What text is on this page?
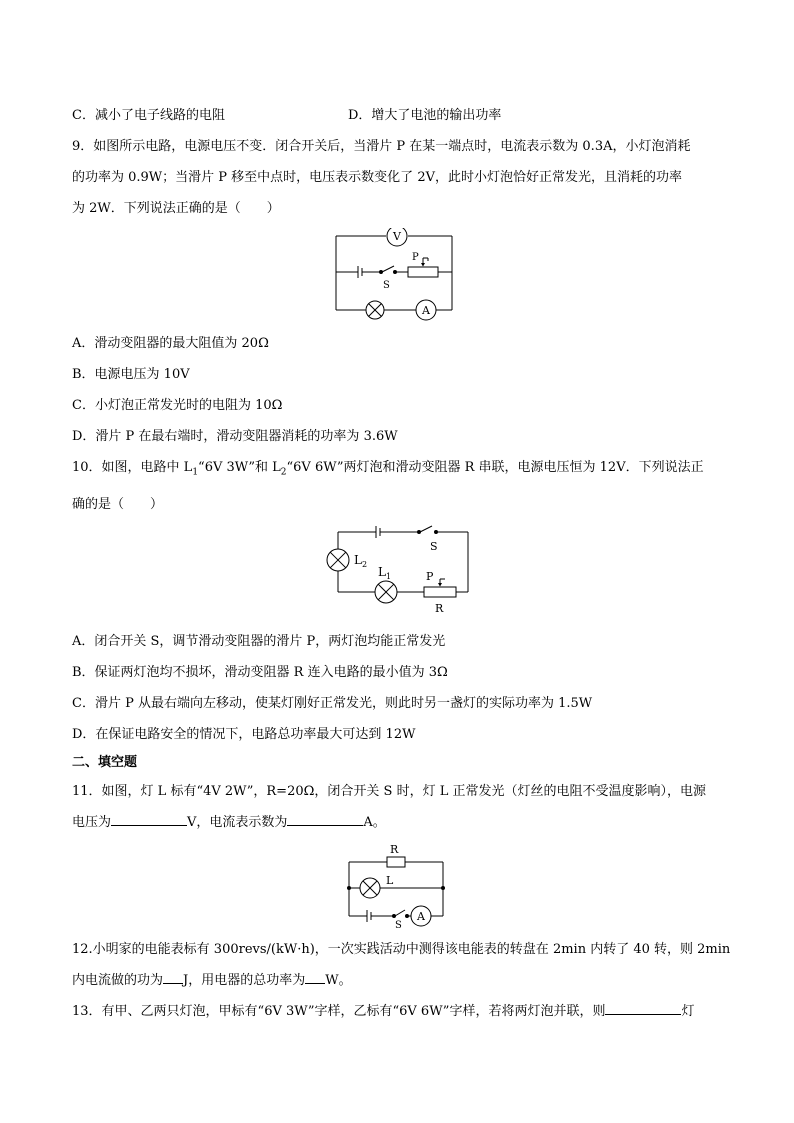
C．减小了电子线路的电阻	D．增大了电池的输出功率
9．如图所示电路，电源电压不变．闭合开关后，当滑片 P 在某一端点时，电流表示数为 0.3A，小灯泡消耗
的功率为 0.9W；当滑片 P 移至中点时，电压表示数变化了 2V，此时小灯泡恰好正常发光，且消耗的功率
为 2W．下列说法正确的是（　　）
V
A
P
S
A．滑动变阻器的最大阻值为 20Ω
B．电源电压为 10V
C．小灯泡正常发光时的电阻为 10Ω
D．滑片 P 在最右端时，滑动变阻器消耗的功率为 3.6W
10．如图，电路中 $L_1“6V$ 3W”和 $L_2“6V$ 6W”两灯泡和滑动变阻器 R 串联，电源电压恒为 12V．下列说法正
确的是（　　）
$L_2$
$L_1$	P
R
S
A．闭合开关 S，调节滑动变阻器的滑片 P，两灯泡均能正常发光
B．保证两灯泡均不损坏，滑动变阻器 R 连入电路的最小值为 3Ω
C．滑片 P 从最右端向左移动，使某灯刚好正常发光，则此时另一盏灯的实际功率为 1.5W
D．在保证电路安全的情况下，电路总功率最大可达到 12W
二、填空题
11．如图，灯 L 标有“4V 2W”，R=20Ω，闭合开关 S 时，灯 L 正常发光（灯丝的电阻不受温度影响），电源
电压为	V，电流表示数为	A。
R
L
S
A
12.小明家的电能表标有 300revs/(kW·h)，一次实践活动中测得该电能表的转盘在 2min 内转了 40 转，则 2min
内电流做的功为 J，用电器的总功率为 W。
13．有甲、乙两只灯泡，甲标有“6V 3W”字样，乙标有“6V 6W”字样，若将两灯泡并联，则	灯
